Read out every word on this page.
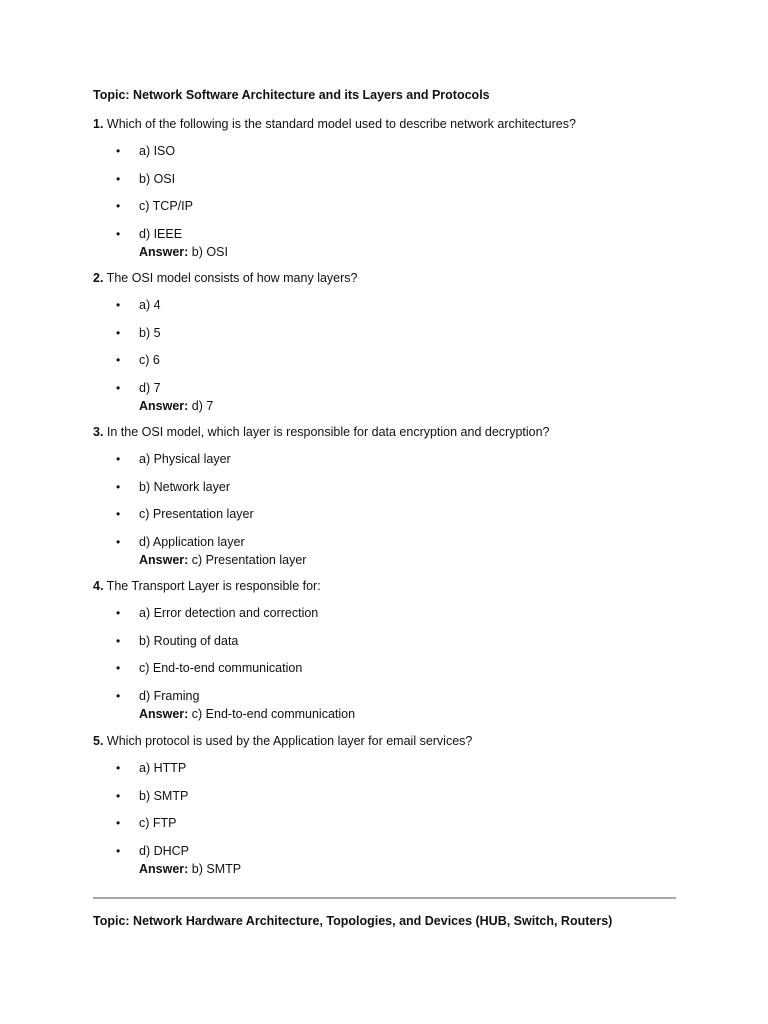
Topic: Network Software Architecture and its Layers and Protocols
1. Which of the following is the standard model used to describe network architectures?
• a) ISO
• b) OSI
• c) TCP/IP
• d) IEEE
Answer: b) OSI
2. The OSI model consists of how many layers?
• a) 4
• b) 5
• c) 6
• d) 7
Answer: d) 7
3. In the OSI model, which layer is responsible for data encryption and decryption?
• a) Physical layer
• b) Network layer
• c) Presentation layer
• d) Application layer
Answer: c) Presentation layer
4. The Transport Layer is responsible for:
• a) Error detection and correction
• b) Routing of data
• c) End-to-end communication
• d) Framing
Answer: c) End-to-end communication
5. Which protocol is used by the Application layer for email services?
• a) HTTP
• b) SMTP
• c) FTP
• d) DHCP
Answer: b) SMTP
Topic: Network Hardware Architecture, Topologies, and Devices (HUB, Switch, Routers)
